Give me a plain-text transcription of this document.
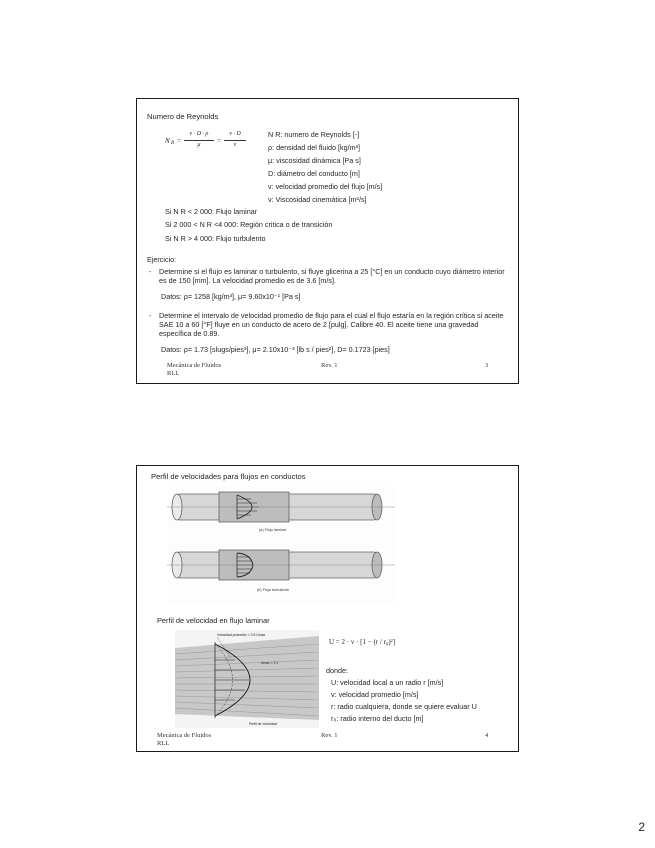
Numero de Reynolds
N R =
v · D · ρ
μ	=
v · D
ν
N R: numero de Reynolds [-]
ρ: densidad del fluido [kg/m³]
μ: viscosidad dinámica [Pa s]
D: diámetro del conducto [m]
v: velocidad promedio del flujo [m/s]
ν: Viscosidad cinemática [m²/s]
Si N R < 2 000: Flujo laminar
Si 2 000 < N R <4 000: Región critica o de transición
Si N R > 4 000: Flujo turbulento
Ejercicio:
- Determine si el flujo es laminar o turbulento, si fluye glicerina a 25 [°C] en un conducto cuyo diámetro interior es de 150 [mm]. La velocidad promedio es de 3.6 [m/s].
Datos: ρ= 1258 [kg/m³], μ= 9.60x10⁻¹ [Pa s]
- Determine el intervalo de velocidad promedio de flujo para el cual el flujo estaría en la región crítica si aceite SAE 10 a 60 [°F] fluye en un conducto de acero de 2 [pulg]. Calibre 40. El aceite tiene una gravedad específica de 0.89.
Datos: ρ= 1.73 [slugs/pies³], μ= 2.10x10⁻³ [lb s / pies²], D= 0.1723 [pies]
Mecánica de Fluidos
RLL
Rev. 1	3
Perfil de velocidades para flujos en conductos
(a) Flujo laminar
(b) Flujo turbulento
Perfil de velocidad en flujo laminar
Velocidad promedio = 0.5 Umax
Umax = 2 v
Perfil de velocidad
U = 2 · v · [1 − (r / r₀)²]
donde:
U: velocidad local a un radio r [m/s]
v: velocidad promedio [m/s]
r: radio cualquiera, donde se quiere evaluar U
r₀: radio interno del ducto [m]
Mecánica de Fluidos
RLL
Rev. 1	4
2
